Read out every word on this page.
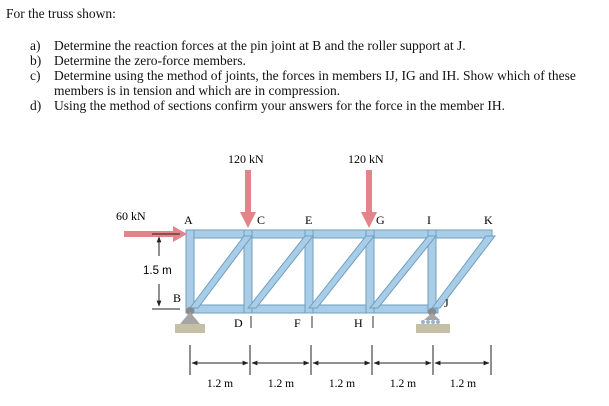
For the truss shown:
a) Determine the reaction forces at the pin joint at B and the roller support at J.
b) Determine the zero-force members.
c) Determine using the method of joints, the forces in members IJ, IG and IH. Show which of these members is in tension and which are in compression.
d) Using the method of sections confirm your answers for the force in the member IH.
60 kN
120 kN	120 kN
A	C	E	G	I	K
B
D	F	H
J
1.5 m
1.2 m	1.2 m	1.2 m	1.2 m	1.2 m
